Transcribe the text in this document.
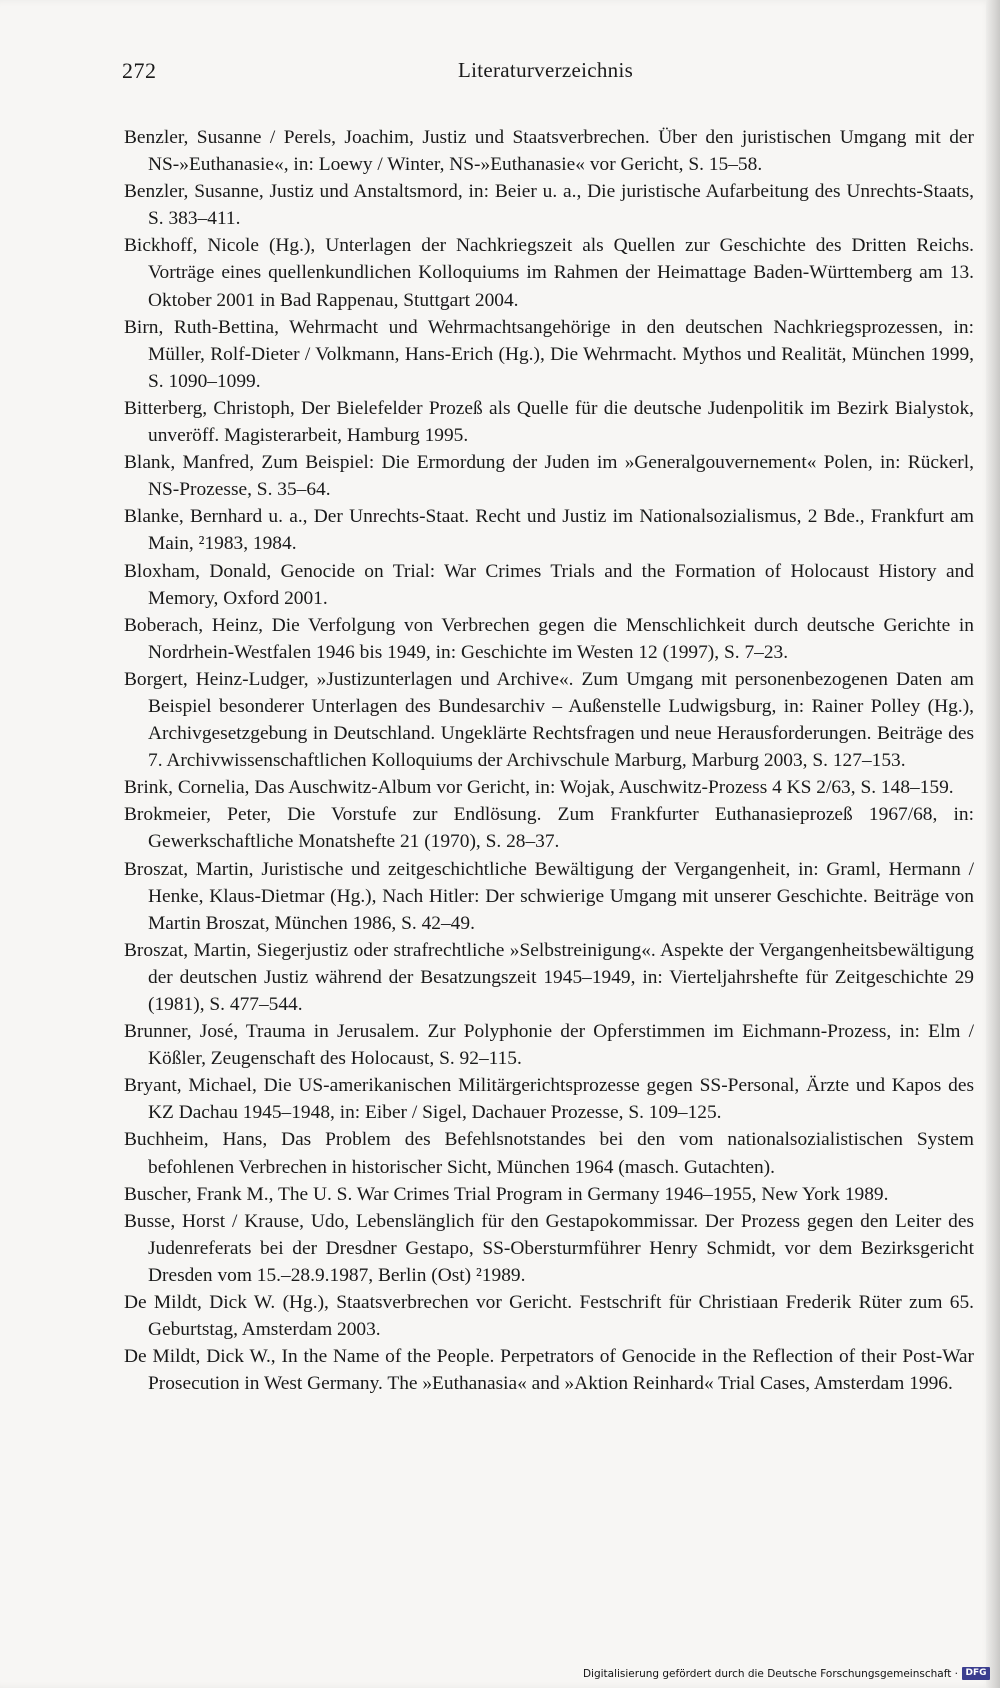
272	Literaturverzeichnis
Benzler, Susanne / Perels, Joachim, Justiz und Staatsverbrechen. Über den juristischen Umgang mit der NS-»Euthanasie«, in: Loewy / Winter, NS-»Euthanasie« vor Gericht, S. 15–58.
Benzler, Susanne, Justiz und Anstaltsmord, in: Beier u. a., Die juristische Aufarbeitung des Unrechts-Staats, S. 383–411.
Bickhoff, Nicole (Hg.), Unterlagen der Nachkriegszeit als Quellen zur Geschichte des Dritten Reichs. Vorträge eines quellenkundlichen Kolloquiums im Rahmen der Heimattage Baden-Württemberg am 13. Oktober 2001 in Bad Rappenau, Stuttgart 2004.
Birn, Ruth-Bettina, Wehrmacht und Wehrmachtsangehörige in den deutschen Nachkriegsprozessen, in: Müller, Rolf-Dieter / Volkmann, Hans-Erich (Hg.), Die Wehrmacht. Mythos und Realität, München 1999, S. 1090–1099.
Bitterberg, Christoph, Der Bielefelder Prozeß als Quelle für die deutsche Judenpolitik im Bezirk Bialystok, unveröff. Magisterarbeit, Hamburg 1995.
Blank, Manfred, Zum Beispiel: Die Ermordung der Juden im »Generalgouvernement« Polen, in: Rückerl, NS-Prozesse, S. 35–64.
Blanke, Bernhard u. a., Der Unrechts-Staat. Recht und Justiz im Nationalsozialismus, 2 Bde., Frankfurt am Main, ²1983, 1984.
Bloxham, Donald, Genocide on Trial: War Crimes Trials and the Formation of Holocaust History and Memory, Oxford 2001.
Boberach, Heinz, Die Verfolgung von Verbrechen gegen die Menschlichkeit durch deutsche Gerichte in Nordrhein-Westfalen 1946 bis 1949, in: Geschichte im Westen 12 (1997), S. 7–23.
Borgert, Heinz-Ludger, »Justizunterlagen und Archive«. Zum Umgang mit personenbezogenen Daten am Beispiel besonderer Unterlagen des Bundesarchiv – Außenstelle Ludwigsburg, in: Rainer Polley (Hg.), Archivgesetzgebung in Deutschland. Ungeklärte Rechtsfragen und neue Herausforderungen. Beiträge des 7. Archivwissenschaftlichen Kolloquiums der Archivschule Marburg, Marburg 2003, S. 127–153.
Brink, Cornelia, Das Auschwitz-Album vor Gericht, in: Wojak, Auschwitz-Prozess 4 KS 2/63, S. 148–159.
Brokmeier, Peter, Die Vorstufe zur Endlösung. Zum Frankfurter Euthanasieprozeß 1967/68, in: Gewerkschaftliche Monatshefte 21 (1970), S. 28–37.
Broszat, Martin, Juristische und zeitgeschichtliche Bewältigung der Vergangenheit, in: Graml, Hermann / Henke, Klaus-Dietmar (Hg.), Nach Hitler: Der schwierige Umgang mit unserer Geschichte. Beiträge von Martin Broszat, München 1986, S. 42–49.
Broszat, Martin, Siegerjustiz oder strafrechtliche »Selbstreinigung«. Aspekte der Vergangenheitsbewältigung der deutschen Justiz während der Besatzungszeit 1945–1949, in: Vierteljahrshefte für Zeitgeschichte 29 (1981), S. 477–544.
Brunner, José, Trauma in Jerusalem. Zur Polyphonie der Opferstimmen im Eichmann-Prozess, in: Elm / Kößler, Zeugenschaft des Holocaust, S. 92–115.
Bryant, Michael, Die US-amerikanischen Militärgerichtsprozesse gegen SS-Personal, Ärzte und Kapos des KZ Dachau 1945–1948, in: Eiber / Sigel, Dachauer Prozesse, S. 109–125.
Buchheim, Hans, Das Problem des Befehlsnotstandes bei den vom nationalsozialistischen System befohlenen Verbrechen in historischer Sicht, München 1964 (masch. Gutachten).
Buscher, Frank M., The U. S. War Crimes Trial Program in Germany 1946–1955, New York 1989.
Busse, Horst / Krause, Udo, Lebenslänglich für den Gestapokommissar. Der Prozess gegen den Leiter des Judenreferats bei der Dresdner Gestapo, SS-Obersturmführer Henry Schmidt, vor dem Bezirksgericht Dresden vom 15.–28.9.1987, Berlin (Ost) ²1989.
De Mildt, Dick W. (Hg.), Staatsverbrechen vor Gericht. Festschrift für Christiaan Frederik Rüter zum 65. Geburtstag, Amsterdam 2003.
De Mildt, Dick W., In the Name of the People. Perpetrators of Genocide in the Reflection of their Post-War Prosecution in West Germany. The »Euthanasia« and »Aktion Reinhard« Trial Cases, Amsterdam 1996.
Digitalisierung gefördert durch die Deutsche Forschungsgemeinschaft · DFG
